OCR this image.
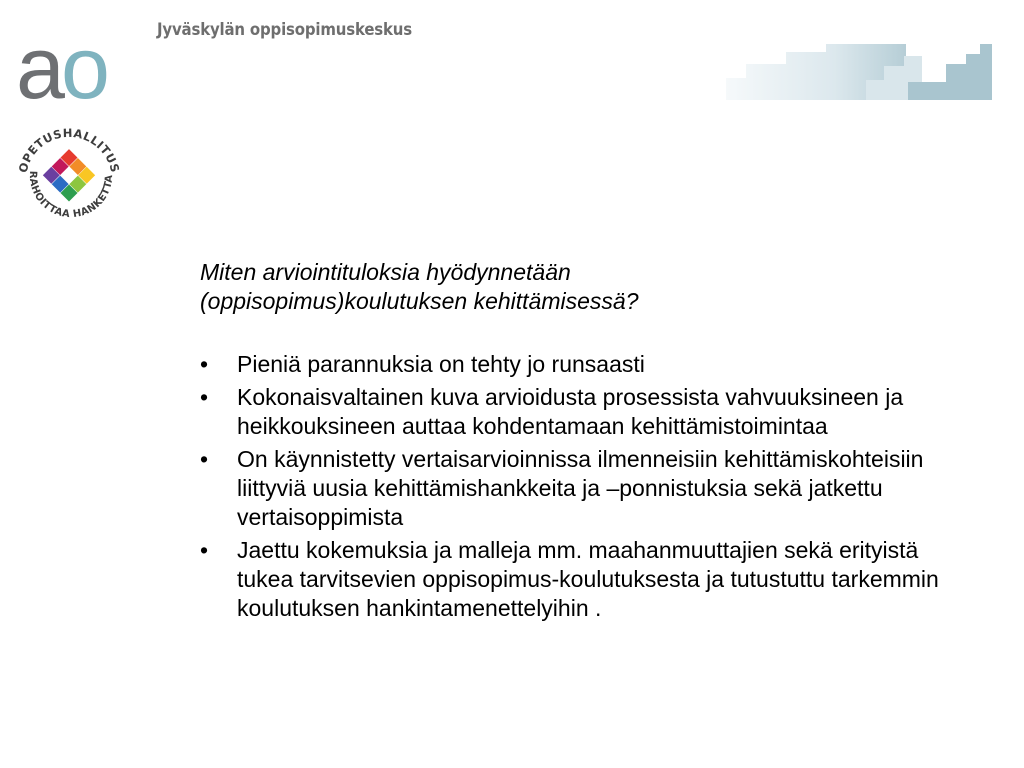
ao	Jyväskylän oppisopimuskeskus
OPETUSHALLITUS
RAHOITTAA HANKETTA
Miten arviointituloksia hyödynnetään
(oppisopimus)koulutuksen kehittämisessä?
• Pieniä parannuksia on tehty jo runsaasti
• Kokonaisvaltainen kuva arvioidusta prosessista vahvuuksineen ja heikkouksineen auttaa kohdentamaan kehittämistoimintaa
• On käynnistetty vertaisarvioinnissa ilmenneisiin kehittämiskohteisiin liittyviä uusia kehittämishankkeita ja –ponnistuksia sekä jatkettu vertaisoppimista
• Jaettu kokemuksia ja malleja mm. maahanmuuttajien sekä erityistä tukea tarvitsevien oppisopimus-koulutuksesta ja tutustuttu tarkemmin koulutuksen hankintamenettelyihin .
